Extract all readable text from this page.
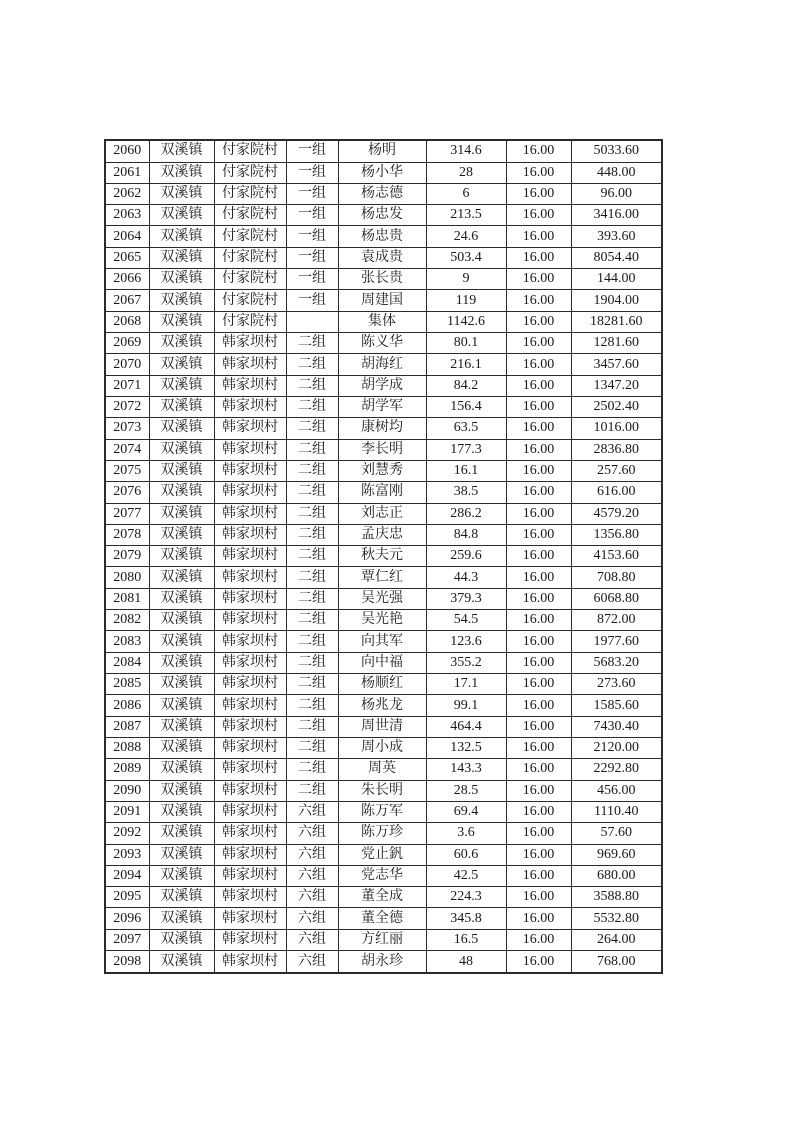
2060	双溪镇	付家院村	一组	杨明	314.6	16.00	5033.60
2061	双溪镇	付家院村	一组	杨小华	28	16.00	448.00
2062	双溪镇	付家院村	一组	杨志德	6	16.00	96.00
2063	双溪镇	付家院村	一组	杨忠发	213.5	16.00	3416.00
2064	双溪镇	付家院村	一组	杨忠贵	24.6	16.00	393.60
2065	双溪镇	付家院村	一组	袁成贵	503.4	16.00	8054.40
2066	双溪镇	付家院村	一组	张长贵	9	16.00	144.00
2067	双溪镇	付家院村	一组	周建国	119	16.00	1904.00
2068	双溪镇	付家院村		集体	1142.6	16.00	18281.60
2069	双溪镇	韩家坝村	二组	陈义华	80.1	16.00	1281.60
2070	双溪镇	韩家坝村	二组	胡海红	216.1	16.00	3457.60
2071	双溪镇	韩家坝村	二组	胡学成	84.2	16.00	1347.20
2072	双溪镇	韩家坝村	二组	胡学军	156.4	16.00	2502.40
2073	双溪镇	韩家坝村	二组	康树均	63.5	16.00	1016.00
2074	双溪镇	韩家坝村	二组	李长明	177.3	16.00	2836.80
2075	双溪镇	韩家坝村	二组	刘慧秀	16.1	16.00	257.60
2076	双溪镇	韩家坝村	二组	陈富刚	38.5	16.00	616.00
2077	双溪镇	韩家坝村	二组	刘志正	286.2	16.00	4579.20
2078	双溪镇	韩家坝村	二组	孟庆忠	84.8	16.00	1356.80
2079	双溪镇	韩家坝村	二组	秋夫元	259.6	16.00	4153.60
2080	双溪镇	韩家坝村	二组	覃仁红	44.3	16.00	708.80
2081	双溪镇	韩家坝村	二组	吴光强	379.3	16.00	6068.80
2082	双溪镇	韩家坝村	二组	吴光艳	54.5	16.00	872.00
2083	双溪镇	韩家坝村	二组	向其军	123.6	16.00	1977.60
2084	双溪镇	韩家坝村	二组	向中福	355.2	16.00	5683.20
2085	双溪镇	韩家坝村	二组	杨顺红	17.1	16.00	273.60
2086	双溪镇	韩家坝村	二组	杨兆龙	99.1	16.00	1585.60
2087	双溪镇	韩家坝村	二组	周世清	464.4	16.00	7430.40
2088	双溪镇	韩家坝村	二组	周小成	132.5	16.00	2120.00
2089	双溪镇	韩家坝村	二组	周英	143.3	16.00	2292.80
2090	双溪镇	韩家坝村	二组	朱长明	28.5	16.00	456.00
2091	双溪镇	韩家坝村	六组	陈万军	69.4	16.00	1110.40
2092	双溪镇	韩家坝村	六组	陈万珍	3.6	16.00	57.60
2093	双溪镇	韩家坝村	六组	党止釩	60.6	16.00	969.60
2094	双溪镇	韩家坝村	六组	党志华	42.5	16.00	680.00
2095	双溪镇	韩家坝村	六组	董全成	224.3	16.00	3588.80
2096	双溪镇	韩家坝村	六组	董全德	345.8	16.00	5532.80
2097	双溪镇	韩家坝村	六组	方红丽	16.5	16.00	264.00
2098	双溪镇	韩家坝村	六组	胡永珍	48	16.00	768.00
